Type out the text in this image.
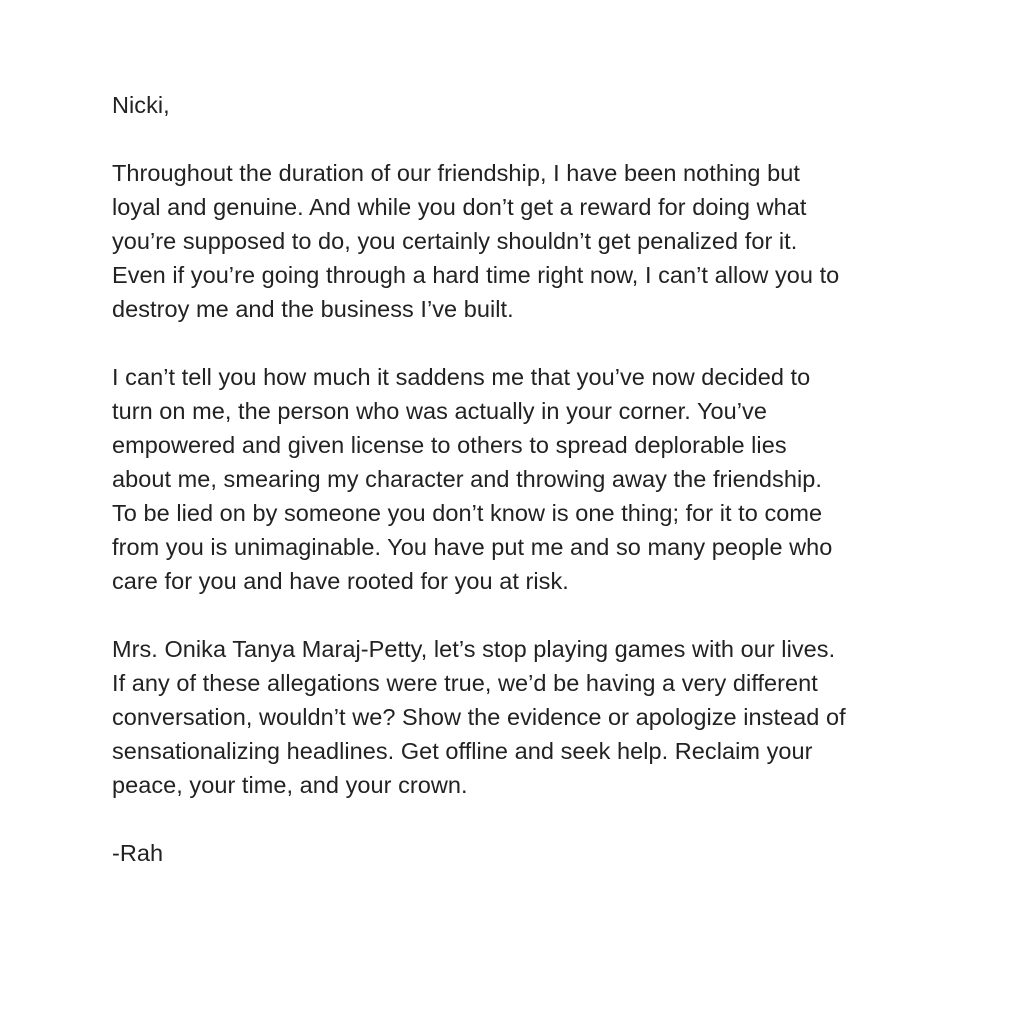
Nicki,
Throughout the duration of our friendship, I have been nothing but
loyal and genuine. And while you don’t get a reward for doing what
you’re supposed to do, you certainly shouldn’t get penalized for it.
Even if you’re going through a hard time right now, I can’t allow you to
destroy me and the business I’ve built.
I can’t tell you how much it saddens me that you’ve now decided to
turn on me, the person who was actually in your corner. You’ve
empowered and given license to others to spread deplorable lies
about me, smearing my character and throwing away the friendship.
To be lied on by someone you don’t know is one thing; for it to come
from you is unimaginable. You have put me and so many people who
care for you and have rooted for you at risk.
Mrs. Onika Tanya Maraj-Petty, let’s stop playing games with our lives.
If any of these allegations were true, we’d be having a very different
conversation, wouldn’t we? Show the evidence or apologize instead of
sensationalizing headlines. Get offline and seek help. Reclaim your
peace, your time, and your crown.
-Rah
